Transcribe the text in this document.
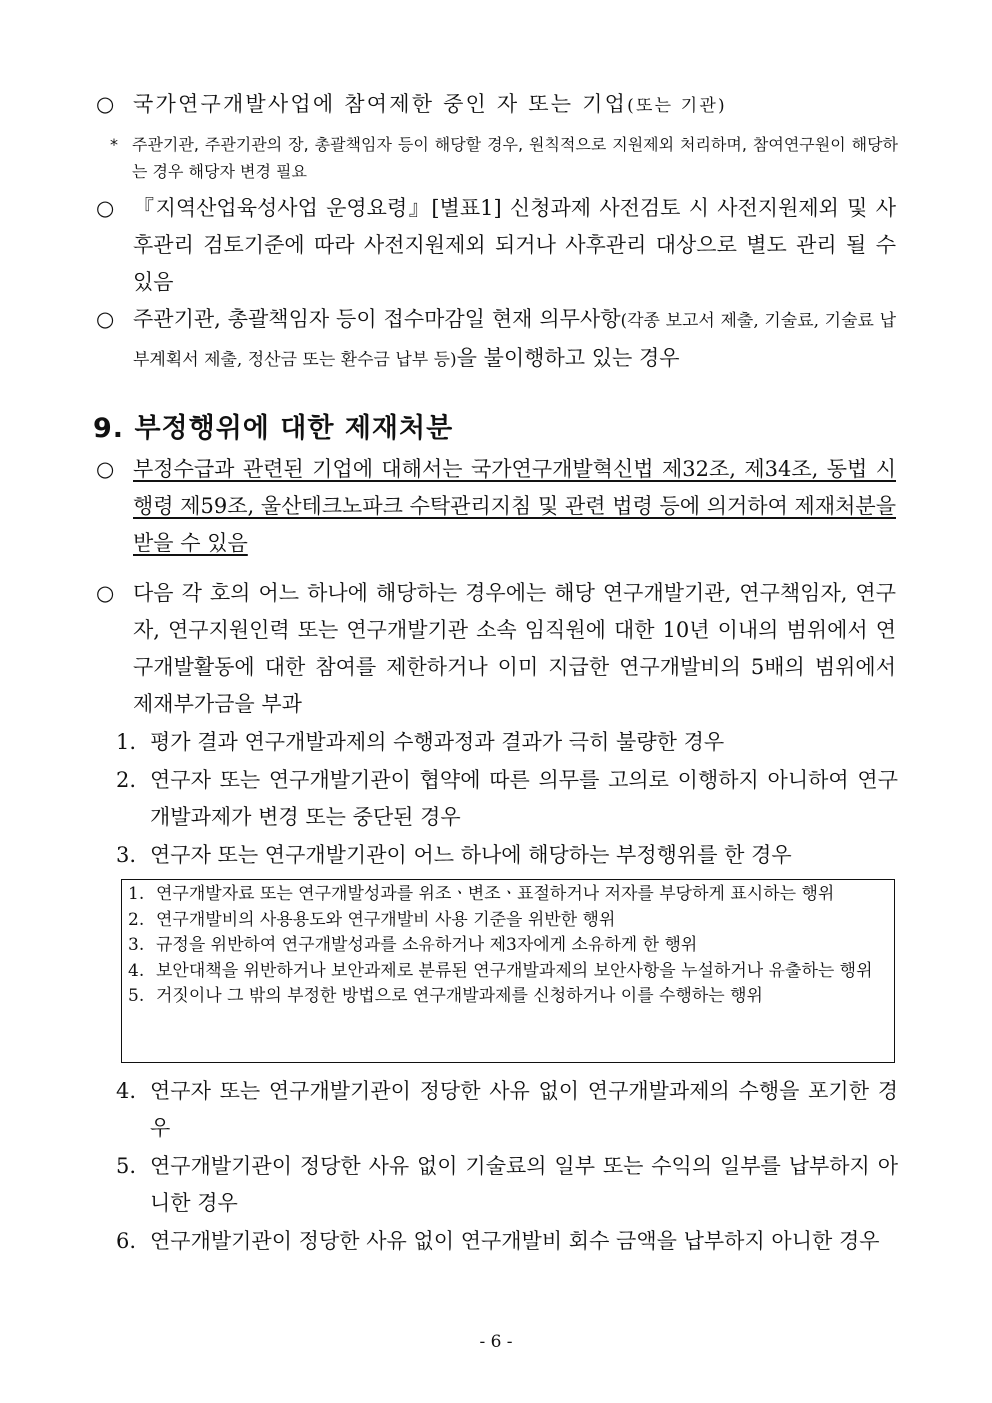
○ 국가연구개발사업에 참여제한 중인 자 또는 기업(또는 기관)
* 주관기관, 주관기관의 장, 총괄책임자 등이 해당할 경우, 원칙적으로 지원제외 처리하며, 참여연구원이 해당하는 경우 해당자 변경 필요
○ 『지역산업육성사업 운영요령』[별표1] 신청과제 사전검토 시 사전지원제외 및 사후관리 검토기준에 따라 사전지원제외 되거나 사후관리 대상으로 별도 관리 될 수 있음
○ 주관기관, 총괄책임자 등이 접수마감일 현재 의무사항(각종 보고서 제출, 기술료, 기술료 납부계획서 제출, 정산금 또는 환수금 납부 등)을 불이행하고 있는 경우
9. 부정행위에 대한 제재처분
○ 부정수급과 관련된 기업에 대해서는 국가연구개발혁신법 제32조, 제34조, 동법 시행령 제59조, 울산테크노파크 수탁관리지침 및 관련 법령 등에 의거하여 제재처분을 받을 수 있음
○ 다음 각 호의 어느 하나에 해당하는 경우에는 해당 연구개발기관, 연구책임자, 연구자, 연구지원인력 또는 연구개발기관 소속 임직원에 대한 10년 이내의 범위에서 연구개발활동에 대한 참여를 제한하거나 이미 지급한 연구개발비의 5배의 범위에서 제재부가금을 부과
1. 평가 결과 연구개발과제의 수행과정과 결과가 극히 불량한 경우
2. 연구자 또는 연구개발기관이 협약에 따른 의무를 고의로 이행하지 아니하여 연구개발과제가 변경 또는 중단된 경우
3. 연구자 또는 연구개발기관이 어느 하나에 해당하는 부정행위를 한 경우
1. 연구개발자료 또는 연구개발성과를 위조ㆍ변조ㆍ표절하거나 저자를 부당하게 표시하는 행위
2. 연구개발비의 사용용도와 연구개발비 사용 기준을 위반한 행위
3. 규정을 위반하여 연구개발성과를 소유하거나 제3자에게 소유하게 한 행위
4. 보안대책을 위반하거나 보안과제로 분류된 연구개발과제의 보안사항을 누설하거나 유출하는 행위
5. 거짓이나 그 밖의 부정한 방법으로 연구개발과제를 신청하거나 이를 수행하는 행위
4. 연구자 또는 연구개발기관이 정당한 사유 없이 연구개발과제의 수행을 포기한 경우
5. 연구개발기관이 정당한 사유 없이 기술료의 일부 또는 수익의 일부를 납부하지 아니한 경우
6. 연구개발기관이 정당한 사유 없이 연구개발비 회수 금액을 납부하지 아니한 경우
- 6 -
